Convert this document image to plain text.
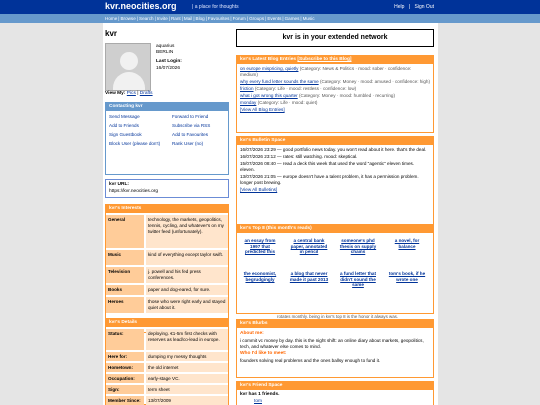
kvr.neocities.org	| a place for thoughts	Help | Sign Out
Home|Browse|Search|Invite|Rant|Mail|Blog|Favourites|Forum|Groups|Events|Games|Music
kvr
aquarius
BERLIN
Last Login:
16/07/2026
View My: Pics | Drafts
Contacting kvr
Send Message	Forward to Friend
Add to Friends	Subscribe via RSS
Sign Guestbook	Add to Favourites
Block User (please don't)	Rank User (no)
kvr URL:
https://kvr.neocities.org
kvr's Interests
General	technology, the markets, geopolitics, tennis, cycling, and whatever's on my twitter feed (unfortunately).
Music	kind of everything except taylor swift.
Television	j. powell and his fed press conferences.
Books	paper and dog-eared, for sure.
Heroes	those who were right early and stayed quiet about it.
kvr's Details
Status:	deploying. €1-5m first checks with reserves as lead/co-lead in europe.
Here for:	dumping my messy thoughts
Hometown:	the old internet
Occupation:	early-stage VC.
Sign:	term sheet
Member Since:	13/07/2009
kvr is in your extended network
kvr's Latest Blog Entries [Subscribe to this Blog]
on europe mispricing, quietly (Category: News & Politics · mood: sober · confidence: medium)
why every fund letter sounds the same (Category: Money · mood: amused · confidence: high)
friction (Category: Life · mood: restless · confidence: low)
what i got wrong this quarter (Category: Money · mood: humbled · recurring)
monday (Category: Life · mood: quiet)
[View All Blog Entries]
kvr's Bulletin Space
16/07/2026 23:29 — good portfolio news today. you won't read about it here. that's the deal.
16/07/2026 23:12 — rates: still watching. mood: skeptical.
15/07/2026 08:40 — read a deck this week that used the word "agentic" eleven times. eleven.
13/07/2026 21:05 — europe doesn't have a talent problem, it has a permission problem. longer post brewing.
[View All Bulletins]
kvr's Top 8 (this month's reads)
an essay from 1997 that predicted this
a central bank paper, annotated in pencil
someone's phd thesis on supply chains
a novel, for balance
the economist, begrudgingly
a blog that never made it past 2013
a fund letter that didn't sound the same
tom's book, if he wrote one
rotates monthly. being in kvr's top 8 is the honor it always was.
kvr's Blurbs
About me:
i commit vc money by day. this is the night shift: an online diary about markets, geopolitics, tech, and whatever else comes to mind.
Who I'd like to meet:
founders solving real problems and the ones ballsy enough to fund it.
kvr's Friend Space
kvr has 1 friends.
tom
